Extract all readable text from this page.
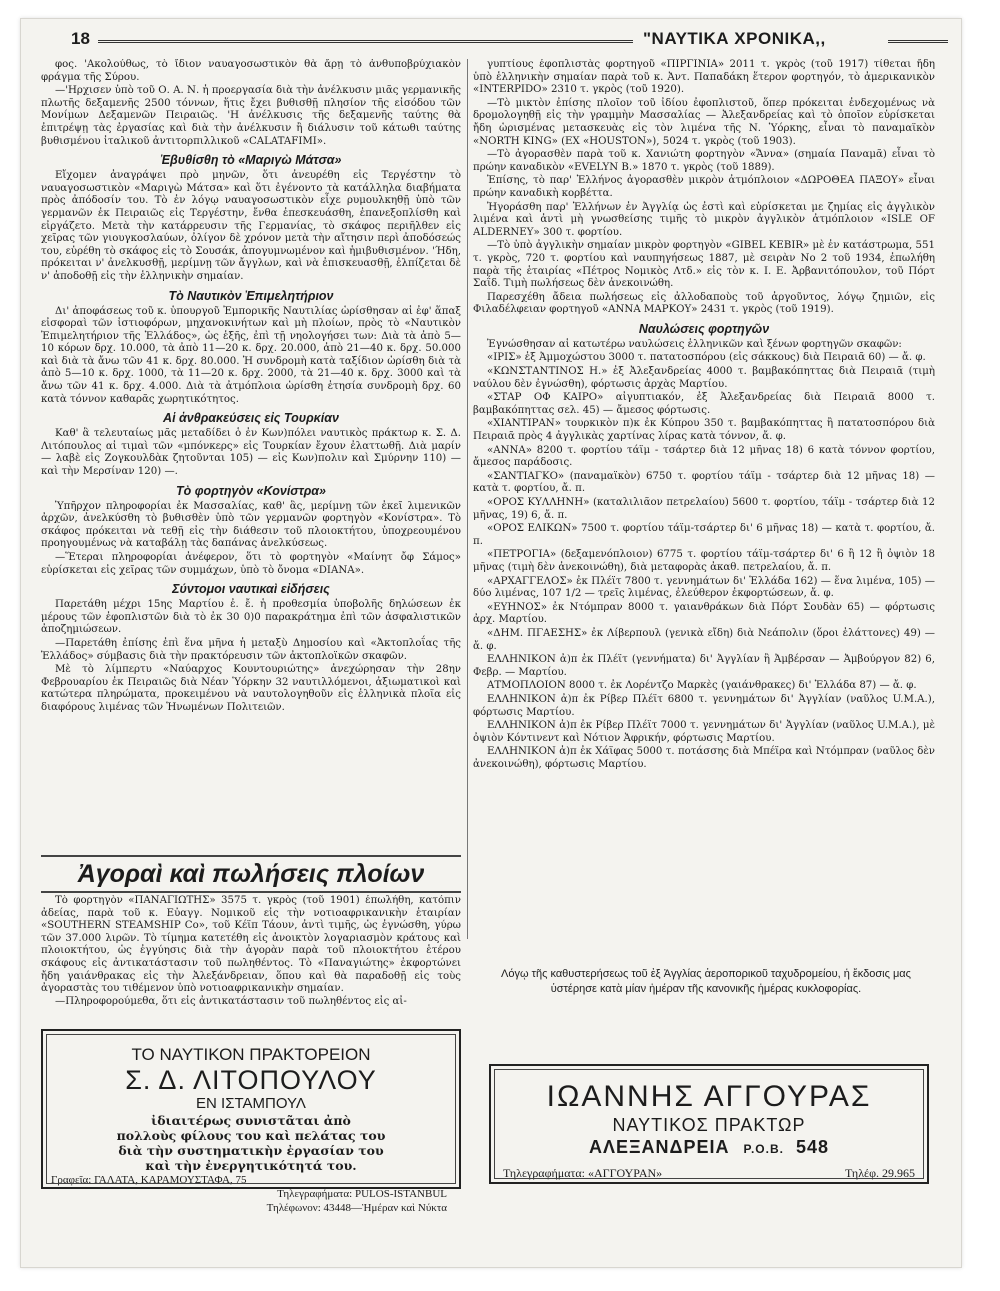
18	"ΝΑΥΤΙΚΑ ΧΡΟΝΙΚΑ,,

φος. 'Ακολούθως, τὸ ἴδιον ναυαγοσωστικὸν θὰ ἄρῃ τὸ ἀνθυποβρύχιακὸν φράγμα τῆς Σύρου.

—'Ηρχισεν ὑπὸ τοῦ Ο. Α. Ν. ἡ προεργασία διὰ τὴν ἀνέλκυσιν μιᾶς γερμανικῆς πλωτῆς δεξαμενῆς 2500 τόννων, ἥτις ἔχει βυθισθῇ πλησίον τῆς εἰσόδου τῶν Μονίμων Δεξαμενῶν Πειραιῶς. 'Η ἀνέλκυσις τῆς δεξαμενῆς ταύτης θὰ ἐπιτρέψῃ τὰς ἐργασίας καὶ διὰ τὴν ἀνέλκυσιν ἢ διάλυσιν τοῦ κάτωθι ταύτης βυθισμένου ἰταλικοῦ ἀντιτορπιλλικοῦ «CALATAFIMI».

Ἐβυθίσθη τὸ «Μαριγὼ Μάτσα»

Εἴχομεν ἀναγράψει πρὸ μηνῶν, ὅτι ἀνευρέθη εἰς Τεργέστην τὸ ναυαγοσωστικὸν «Μαριγὼ Μάτσα» καὶ ὅτι ἐγένοντο τὰ κατάλληλα διαβήματα πρὸς ἀπόδοσίν του. Τὸ ἐν λόγῳ ναυαγοσωστικὸν εἶχε ρυμουλκηθῇ ὑπὸ τῶν γερμανῶν ἐκ Πειραιῶς εἰς Τεργέστην, ἔνθα ἐπεσκευάσθη, ἐπανεξοπλίσθη καὶ εἰργάζετο. Μετὰ τὴν κατάρρευσιν τῆς Γερμανίας, τὸ σκάφος περιῆλθεν εἰς χεῖρας τῶν γιουγκοσλαύων, ὀλίγον δὲ χρόνον μετὰ τὴν αἴτησιν περὶ ἀποδόσεώς του, εὑρέθη τὸ σκάφος εἰς τὸ Σουσάκ, ἀπογυμνωμένον καὶ ἡμιβυθισμένον. 'Ήδη, πρόκειται ν' ἀνελκυσθῇ, μερίμνῃ τῶν ἄγγλων, καὶ νὰ ἐπισκευασθῇ, ἐλπίζεται δὲ ν' ἀποδοθῇ εἰς τὴν ἑλληνικὴν σημαίαν.

Τὸ Ναυτικὸν Ἐπιμελητήριον

Δι' ἀποφάσεως τοῦ κ. ὑπουργοῦ Ἐμπορικῆς Ναυτιλίας ὡρίσθησαν αἱ ἐφ' ἅπαξ εἰσφοραὶ τῶν ἱστιοφόρων, μηχανοκινήτων καὶ μὴ πλοίων, πρὸς τὸ «Ναυτικὸν Ἐπιμελητήριον τῆς Ἑλλάδος», ὡς ἑξῆς, ἐπὶ τῇ νηολογήσει των: Διὰ τὰ ἀπὸ 5—10 κόρων δρχ. 10.000, τὰ ἀπὸ 11—20 κ. δρχ. 20.000, ἀπὸ 21—40 κ. δρχ. 50.000 καὶ διὰ τὰ ἄνω τῶν 41 κ. δρχ. 80.000. Ἡ συνδρομὴ κατὰ ταξίδιον ὡρίσθη διὰ τὰ ἀπὸ 5—10 κ. δρχ. 1000, τὰ 11—20 κ. δρχ. 2000, τὰ 21—40 κ. δρχ. 3000 καὶ τὰ ἄνω τῶν 41 κ. δρχ. 4.000. Διὰ τὰ ἀτμόπλοια ὡρίσθη ἐτησία συνδρομὴ δρχ. 60 κατὰ τόννον καθαρᾶς χωρητικότητος.

Αἱ ἀνθρακεύσεις εἰς Τουρκίαν

Καθ' ἃ τελευταίως μᾶς μεταδίδει ὁ ἐν Κων)πόλει ναυτικὸς πράκτωρ κ. Σ. Δ. Λιτόπουλος αἱ τιμαὶ τῶν «μπόνκερς» εἰς Τουρκίαν ἔχουν ἐλαττωθῇ. Διὰ μαρίν — λαβὲ εἰς Ζογκουλδὰκ ζητοῦνται 105) — εἰς Κων)πολιν καὶ Σμύρνην 110) — καὶ τὴν Μερσίναν 120) —.

Τὸ φορτηγὸν «Κονίστρα»

Ὑπῆρχον πληροφορίαι ἐκ Μασσαλίας, καθ' ἃς, μερίμνῃ τῶν ἐκεῖ λιμενικῶν ἀρχῶν, ἀνελκύσθη τὸ βυθισθὲν ὑπὸ τῶν γερμανῶν φορτηγὸν «Κονίστρα». Τὸ σκάφος πρόκειται νὰ τεθῇ εἰς τὴν διάθεσιν τοῦ πλοιοκτήτου, ὑποχρεουμένου προηγουμένως νὰ καταβάλῃ τὰς δαπάνας ἀνελκύσεως.

—Ἕτεραι πληροφορίαι ἀνέφερον, ὅτι τὸ φορτηγὸν «Μαίνητ ὄφ Σάμος» εὑρίσκεται εἰς χεῖρας τῶν συμμάχων, ὑπὸ τὸ ὄνομα «DIANA».

Σύντομοι ναυτικαὶ εἰδήσεις

Παρετάθη μέχρι 15ης Μαρτίου ἐ. ἔ. ἡ προθεσμία ὑποβολῆς δηλώσεων ἐκ μέρους τῶν ἐφοπλιστῶν διὰ τὸ ἐκ 30 0)0 παρακράτημα ἐπὶ τῶν ἀσφαλιστικῶν ἀποζημιώσεων.

—Παρετάθη ἐπίσης ἐπὶ ἕνα μῆνα ἡ μεταξὺ Δημοσίου καὶ «Ἀκτοπλοΐας τῆς Ἑλλάδος» σύμβασις διὰ τὴν πρακτόρευσιν τῶν ἀκτοπλοϊκῶν σκαφῶν.

Μὲ τὸ λίμπερτυ «Ναύαρχος Κουντουριώτης» ἀνεχώρησαν τὴν 28ην Φεβρουαρίου ἐκ Πειραιῶς διὰ Νέαν Ὑόρκην 32 ναυτιλλόμενοι, ἀξιωματικοὶ καὶ κατώτερα πληρώματα, προκειμένου νὰ ναυτολογηθοῦν εἰς ἑλληνικὰ πλοῖα εἰς διαφόρους λιμένας τῶν Ἡνωμένων Πολιτειῶν.

Ἀγοραὶ καὶ πωλήσεις πλοίων

Τὸ φορτηγὸν «ΠΑΝΑΓΙΩΤΗΣ» 3575 τ. γκρὸς (τοῦ 1901) ἐπωλήθη, κατόπιν ἀδείας, παρὰ τοῦ κ. Εὐαγγ. Νομικοῦ εἰς τὴν νοτιοαφρικανικὴν ἑταιρίαν «SOUTHERN STEAMSHIP Co», τοῦ Κέϊπ Τάουν, ἀντὶ τιμῆς, ὡς ἐγνώσθη, γύρω τῶν 37.000 λιρῶν. Τὸ τίμημα κατετέθη εἰς ἀνοικτὸν λογαριασμὸν κράτους καὶ πλοιοκτήτου, ὡς ἐγγύησις διὰ τὴν ἀγορὰν παρὰ τοῦ πλοιοκτήτου ἑτέρου σκάφους εἰς ἀντικατάστασιν τοῦ πωληθέντος. Τὸ «Παναγιώτης» ἐκφορτώνει ἤδη γαιάνθρακας εἰς τὴν Ἀλεξάνδρειαν, ὅπου καὶ θὰ παραδοθῇ εἰς τοὺς ἀγοραστὰς του τιθέμενον ὑπὸ νοτιοαφρικανικὴν σημαίαν.

—Πληροφορούμεθα, ὅτι εἰς ἀντικατάστασιν τοῦ πωληθέντος εἰς αἰ-

γυπτίους ἐφοπλιστὰς φορτηγοῦ «ΠΙΡΓΙΝΙΑ» 2011 τ. γκρὸς (τοῦ 1917) τίθεται ἤδη ὑπὸ ἑλληνικὴν σημαίαν παρὰ τοῦ κ. Ἀντ. Παπαδάκη ἕτερον φορτηγόν, τὸ ἀμερικανικὸν «INTERPIDO» 2310 τ. γκρὸς (τοῦ 1920).

—Τὸ μικτὸν ἐπίσης πλοῖον τοῦ ἰδίου ἐφοπλιστοῦ, ὅπερ πρόκειται ἐνδεχομένως νὰ δρομολογηθῇ εἰς τὴν γραμμὴν Μασσαλίας — Ἀλεξανδρείας καὶ τὸ ὁποῖον εὑρίσκεται ἤδη ὡρισμένας μετασκευὰς εἰς τὸν λιμένα τῆς Ν. Ὑόρκης, εἶναι τὸ παναμαϊκὸν «NORTH KING» (ΕΧ «HOUSTON»), 5024 τ. γκρὸς (τοῦ 1903).

—Τὸ ἀγορασθὲν παρὰ τοῦ κ. Χανιώτη φορτηγὸν «Ἄννα» (σημαία Παναμᾶ) εἶναι τὸ πρώην καναδικὸν «EVELYN B.» 1870 τ. γκρὸς (τοῦ 1889).

Ἐπίσης, τὸ παρ' Ἑλλήνος ἀγορασθὲν μικρὸν ἀτμόπλοιον «ΔΩΡΟΘΕΑ ΠΑΞΟΥ» εἶναι πρώην καναδικὴ κορβέττα.

Ἠγοράσθη παρ' Ἑλλήνων ἐν Ἀγγλίᾳ ὡς ἐστὶ καὶ εὑρίσκεται με ζημίας εἰς ἀγγλικὸν λιμένα καὶ ἀντὶ μὴ γνωσθείσης τιμῆς τὸ μικρὸν ἀγγλικὸν ἀτμόπλοιον «ISLE OF ALDERNEY» 300 τ. φορτίου.

—Τὸ ὑπὸ ἀγγλικὴν σημαίαν μικρὸν φορτηγὸν «GIBEL KEBIR» μὲ ἐν κατάστρωμα, 551 τ. γκρὸς, 720 τ. φορτίου καὶ ναυπηγήσεως 1887, μὲ σειρὰν Νο 2 τοῦ 1934, ἐπωλήθη παρὰ τῆς ἑταιρίας «Πέτρος Νομικὸς Λτδ.» εἰς τὸν κ. Ι. Ε. Ἀρβανιτόπουλον, τοῦ Πόρτ Σαΐδ. Τιμὴ πωλήσεως δὲν ἀνεκοινώθη.

Παρεσχέθη ἄδεια πωλήσεως εἰς ἀλλοδαποὺς τοῦ ἀργοῦντος, λόγῳ ζημιῶν, εἰς Φιλαδέλφειαν φορτηγοῦ «ΑΝΝΑ ΜΑΡΚΟΥ» 2431 τ. γκρὸς (τοῦ 1919).

Ναυλώσεις φορτηγῶν

Ἐγνώσθησαν αἱ κατωτέρω ναυλώσεις ἑλληνικῶν καὶ ξένων φορτηγῶν σκαφῶν:

«ΙΡΙΣ» ἐξ Ἀμμοχώστου 3000 τ. πατατοσπόρου (εἰς σάκκους) διὰ Πειραιᾶ 60) — ἄ. φ.

«ΚΩΝΣΤΑΝΤΙΝΟΣ Η.» ἐξ Ἀλεξανδρείας 4000 τ. βαμβακόπηττας διὰ Πειραιᾶ (τιμὴ ναύλου δὲν ἐγνώσθη), φόρτωσις ἀρχὰς Μαρτίου.

«ΣΤΑΡ ΟΦ ΚΑΙΡΟ» αἰγυπτιακόν, ἐξ Ἀλεξανδρείας διὰ Πειραιᾶ 8000 τ. βαμβακόπηττας σελ. 45) — ἄμεσος φόρτωσις.

«ΧΙΑΝΤΙΡΑΝ» τουρκικὸν π)κ ἐκ Κύπρου 350 τ. βαμβακόπηττας ἢ πατατοσπόρου διὰ Πειραιᾶ πρὸς 4 ἀγγλικὰς χαρτίνας λίρας κατὰ τόννον, ἄ. φ.

«ΑΝΝΑ» 8200 τ. φορτίου τάϊμ - τσάρτερ διὰ 12 μῆνας 18) 6 κατὰ τόννον φορτίου, ἄμεσος παράδοσις.

«ΣΑΝΤΙΑΓΚΟ» (παναμαϊκὸν) 6750 τ. φορτίου τάϊμ - τσάρτερ διὰ 12 μῆνας 18) — κατὰ τ. φορτίου, ἄ. π.

«ΟΡΟΣ ΚΥΛΛΗΝΗ» (καταλιλιᾶον πετρελαίου) 5600 τ. φορτίου, τάϊμ - τσάρτερ διὰ 12 μῆνας, 19) 6, ἄ. π.

«ΟΡΟΣ ΕΛΙΚΩΝ» 7500 τ. φορτίου τάϊμ-τσάρτερ δι' 6 μῆνας 18) — κατὰ τ. φορτίου, ἄ. π.

«ΠΕΤΡΟΓΙΑ» (δεξαμενόπλοιον) 6775 τ. φορτίου τάϊμ-τσάρτερ δι' 6 ἢ 12 ἢ ὀψιὸν 18 μῆνας (τιμὴ δὲν ἀνεκοινώθη), διὰ μεταφορὰς ἀκαθ. πετρελαίου, ἄ. π.

«ΑΡΧΑΓΓΕΛΟΣ» ἐκ Πλέϊτ 7800 τ. γεννημάτων δι' Ἑλλάδα 162) — ἕνα λιμένα, 105) — δύο λιμένας, 107 1/2 — τρεῖς λιμένας, ἐλεύθερον ἐκφορτώσεων, ἄ. φ.

«ΕΥΗΝΟΣ» ἐκ Ντόμπραν 8000 τ. γαιανθράκων διὰ Πόρτ Σουδὰν 65) — φόρτωσις ἀρχ. Μαρτίου.

«ΔΗΜ. ΠΓΑΕΣΗΣ» ἐκ Λίβερπουλ (γενικὰ εἴδη) διὰ Νεάπολιν (ὅροι ἐλάττονες) 49) — ἄ. φ.

ΕΛΛΗΝΙΚΟΝ ἀ)π ἐκ Πλέϊτ (γεννήματα) δι' Ἀγγλίαν ἢ Ἀμβέρσαν — Ἀμβούργον 82) 6, Φεβρ. — Μαρτίου.

ΑΤΜΟΠΛΟΙΟΝ 8000 τ. ἐκ Λορέντζο Μαρκὲς (γαιάνθρακες) δι' Ἑλλάδα 87) — ἄ. φ.

ΕΛΛΗΝΙΚΟΝ ἀ)π ἐκ Ρίβερ Πλέϊτ 6800 τ. γεννημάτων δι' Ἀγγλίαν (ναῦλος U.M.A.), φόρτωσις Μαρτίου.

ΕΛΛΗΝΙΚΟΝ ἀ)π ἐκ Ρίβερ Πλέϊτ 7000 τ. γεννημάτων δι' Ἀγγλίαν (ναῦλος U.M.A.), μὲ ὀψιὸν Κόντινεντ καὶ Νότιον Ἀφρικήν, φόρτωσις Μαρτίου.

ΕΛΛΗΝΙΚΟΝ ἀ)π ἐκ Χάϊφας 5000 τ. ποτάσσης διὰ Μπέϊρα καὶ Ντόμπραν (ναῦλος δὲν ἀνεκοινώθη), φόρτωσις Μαρτίου.

Λόγῳ τῆς καθυστερήσεως τοῦ ἐξ Ἀγγλίας ἀεροπορικοῦ ταχυδρομείου, ἡ ἔκδοσις μας ὑστέρησε κατὰ μίαν ἡμέραν τῆς κανονικῆς ἡμέρας κυκλοφορίας.
ΤΟ ΝΑΥΤΙΚΟΝ ΠΡΑΚΤΟΡΕΙΟΝ
Σ. Δ. ΛΙΤΟΠΟΥΛΟΥ
ΕΝ ΙΣΤΑΜΠΟΥΛ
ἰδιαιτέρως συνιστᾶται ἀπὸ
πολλοὺς φίλους του καὶ πελάτας του
διὰ τὴν συστηματικὴν ἐργασίαν του
καὶ τὴν ἐνεργητικότητά του.
Γραφεῖα: ΓΑΛΑΤΑ, ΚΑΡΑΜΟΥΣΤΑΦΑ, 75
Τηλεγραφήματα: PULOS-ISTANBUL
Τηλέφωνον: 43448—Ἡμέραν καὶ Νύκτα
ΙΩΑΝΝΗΣ ΑΓΓΟΥΡΑΣ
ΝΑΥΤΙΚΟΣ ΠΡΑΚΤΩΡ
ΑΛΕΞΑΝΔΡΕΙΑ P.O.B. 548
Τηλεγραφήματα: «ΑΓΓΟΥΡΑΝ»	Τηλέφ. 29.965
